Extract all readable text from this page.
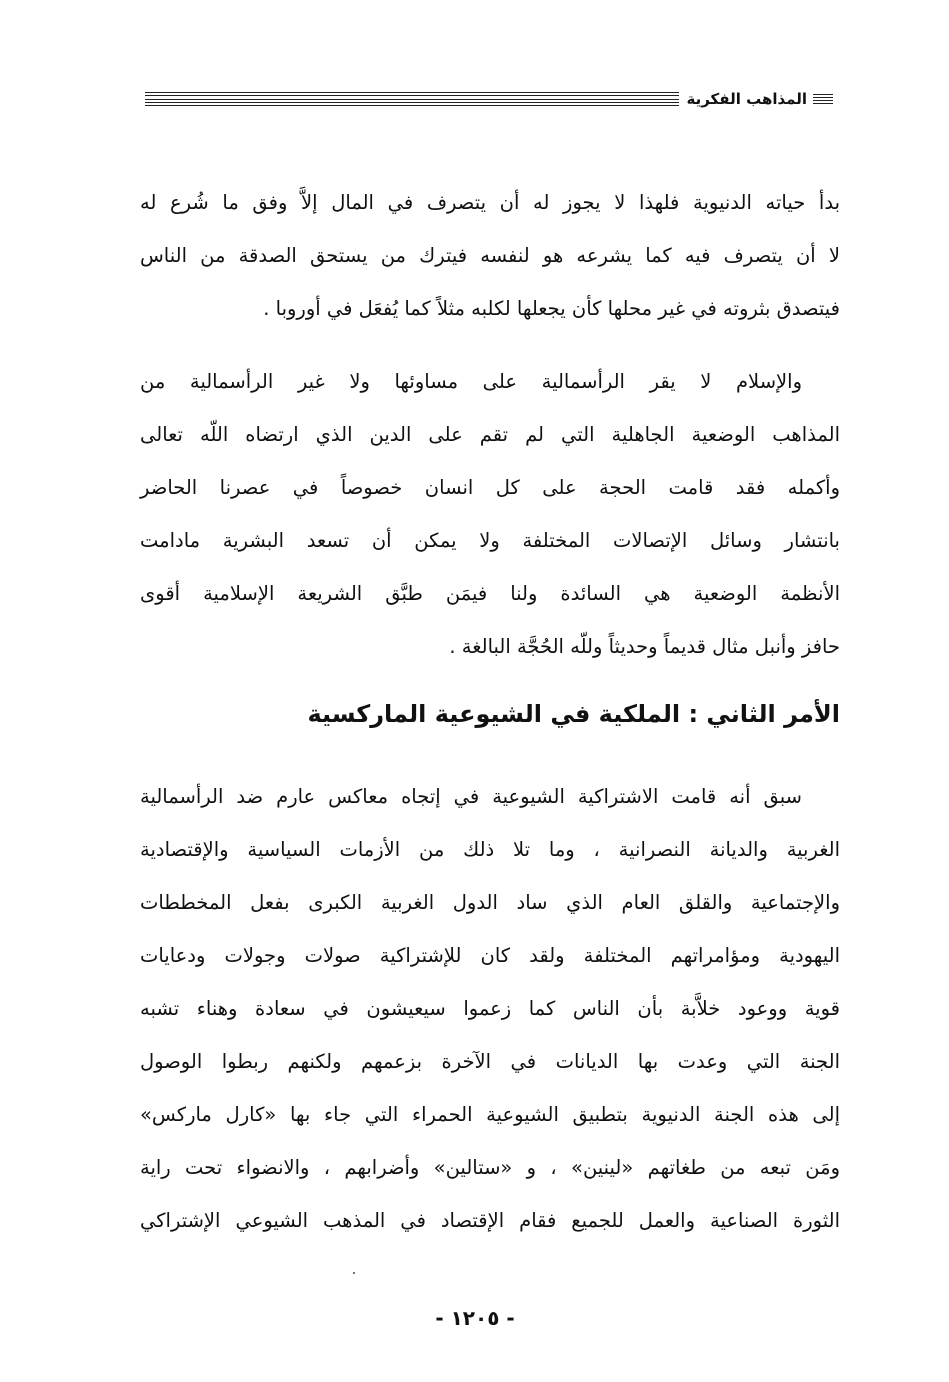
المذاهب الفكرية
بدأ حياته الدنيوية فلهذا لا يجوز له أن يتصرف في المال إلاَّ وفق ما شُرع له
لا أن يتصرف فيه كما يشرعه هو لنفسه فيترك من يستحق الصدقة من الناس
فيتصدق بثروته في غير محلها كأن يجعلها لكلبه مثلاً كما يُفعَل في أوروبا .
والإسلام لا يقر الرأسمالية على مساوئها ولا غير الرأسمالية من
المذاهب الوضعية الجاهلية التي لم تقم على الدين الذي ارتضاه اللّه تعالى
وأكمله فقد قامت الحجة على كل انسان خصوصاً في عصرنا الحاضر
بانتشار وسائل الإتصالات المختلفة ولا يمكن أن تسعد البشرية مادامت
الأنظمة الوضعية هي السائدة ولنا فيمَن طبَّق الشريعة الإسلامية أقوى
حافز وأنبل مثال قديماً وحديثاً وللّه الحُجَّة البالغة .
الأمر الثاني : الملكية في الشيوعية الماركسية
سبق أنه قامت الاشتراكية الشيوعية في إتجاه معاكس عارم ضد الرأسمالية
الغربية والديانة النصرانية ، وما تلا ذلك من الأزمات السياسية والإقتصادية
والإجتماعية والقلق العام الذي ساد الدول الغربية الكبرى بفعل المخططات
اليهودية ومؤامراتهم المختلفة ولقد كان للإشتراكية صولات وجولات ودعايات
قوية ووعود خلاَّبة بأن الناس كما زعموا سيعيشون في سعادة وهناء تشبه
الجنة التي وعدت بها الديانات في الآخرة بزعمهم ولكنهم ربطوا الوصول
إلى هذه الجنة الدنيوية بتطبيق الشيوعية الحمراء التي جاء بها «كارل ماركس»
ومَن تبعه من طغاتهم «لينين» ، و «ستالين» وأضرابهم ، والانضواء تحت راية
الثورة الصناعية والعمل للجميع فقام الإقتصاد في المذهب الشيوعي الإشتراكي
- ١٢٠٥ -
